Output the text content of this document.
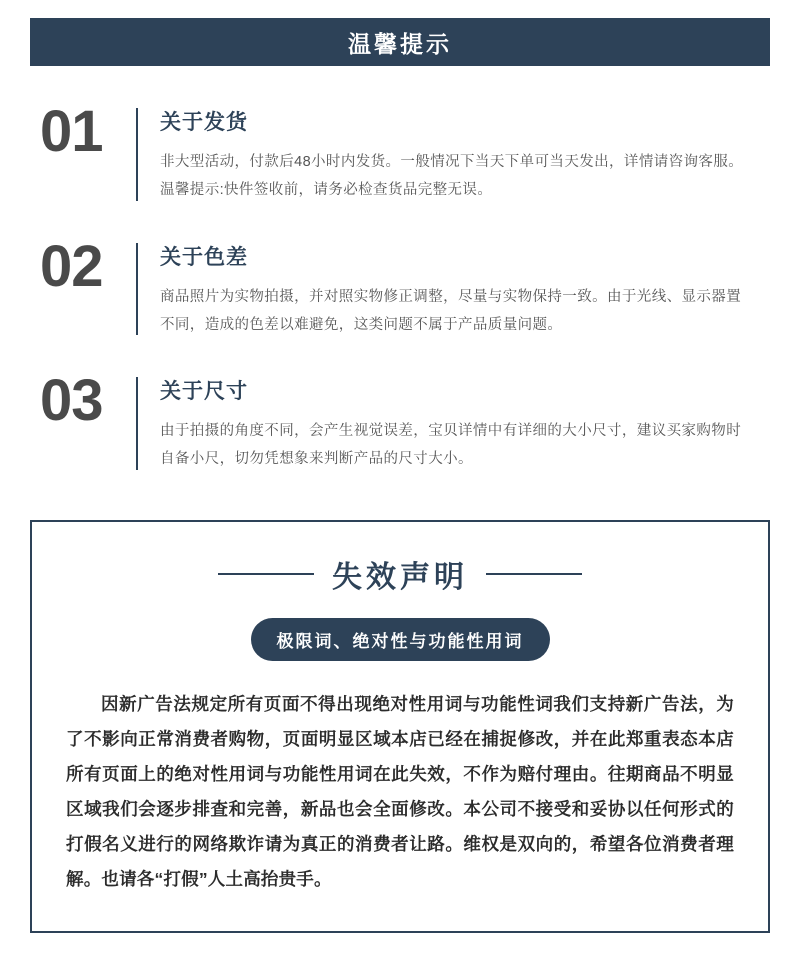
温馨提示
01	关于发货
非大型活动，付款后48小时内发货。一般情况下当天下单可当天发出，详情请咨询客服。温馨提示:快件签收前，请务必检查货品完整无误。
02	关于色差
商品照片为实物拍摄，并对照实物修正调整，尽量与实物保持一致。由于光线、显示器置不同，造成的色差以难避免，这类问题不属于产品质量问题。
03	关于尺寸
由于拍摄的角度不同，会产生视觉误差，宝贝详情中有详细的大小尺寸，建议买家购物时自备小尺，切勿凭想象来判断产品的尺寸大小。
失效声明
极限词、绝对性与功能性用词
因新广告法规定所有页面不得出现绝对性用词与功能性词我们支持新广告法，为了不影向正常消费者购物，页面明显区域本店已经在捕捉修改，并在此郑重表态本店所有页面上的绝对性用词与功能性用词在此失效，不作为赔付理由。往期商品不明显区域我们会逐步排查和完善，新品也会全面修改。本公司不接受和妥协以任何形式的打假名义进行的网络欺诈请为真正的消费者让路。维权是双向的，希望各位消费者理解。也请各“打假”人土高抬贵手。
